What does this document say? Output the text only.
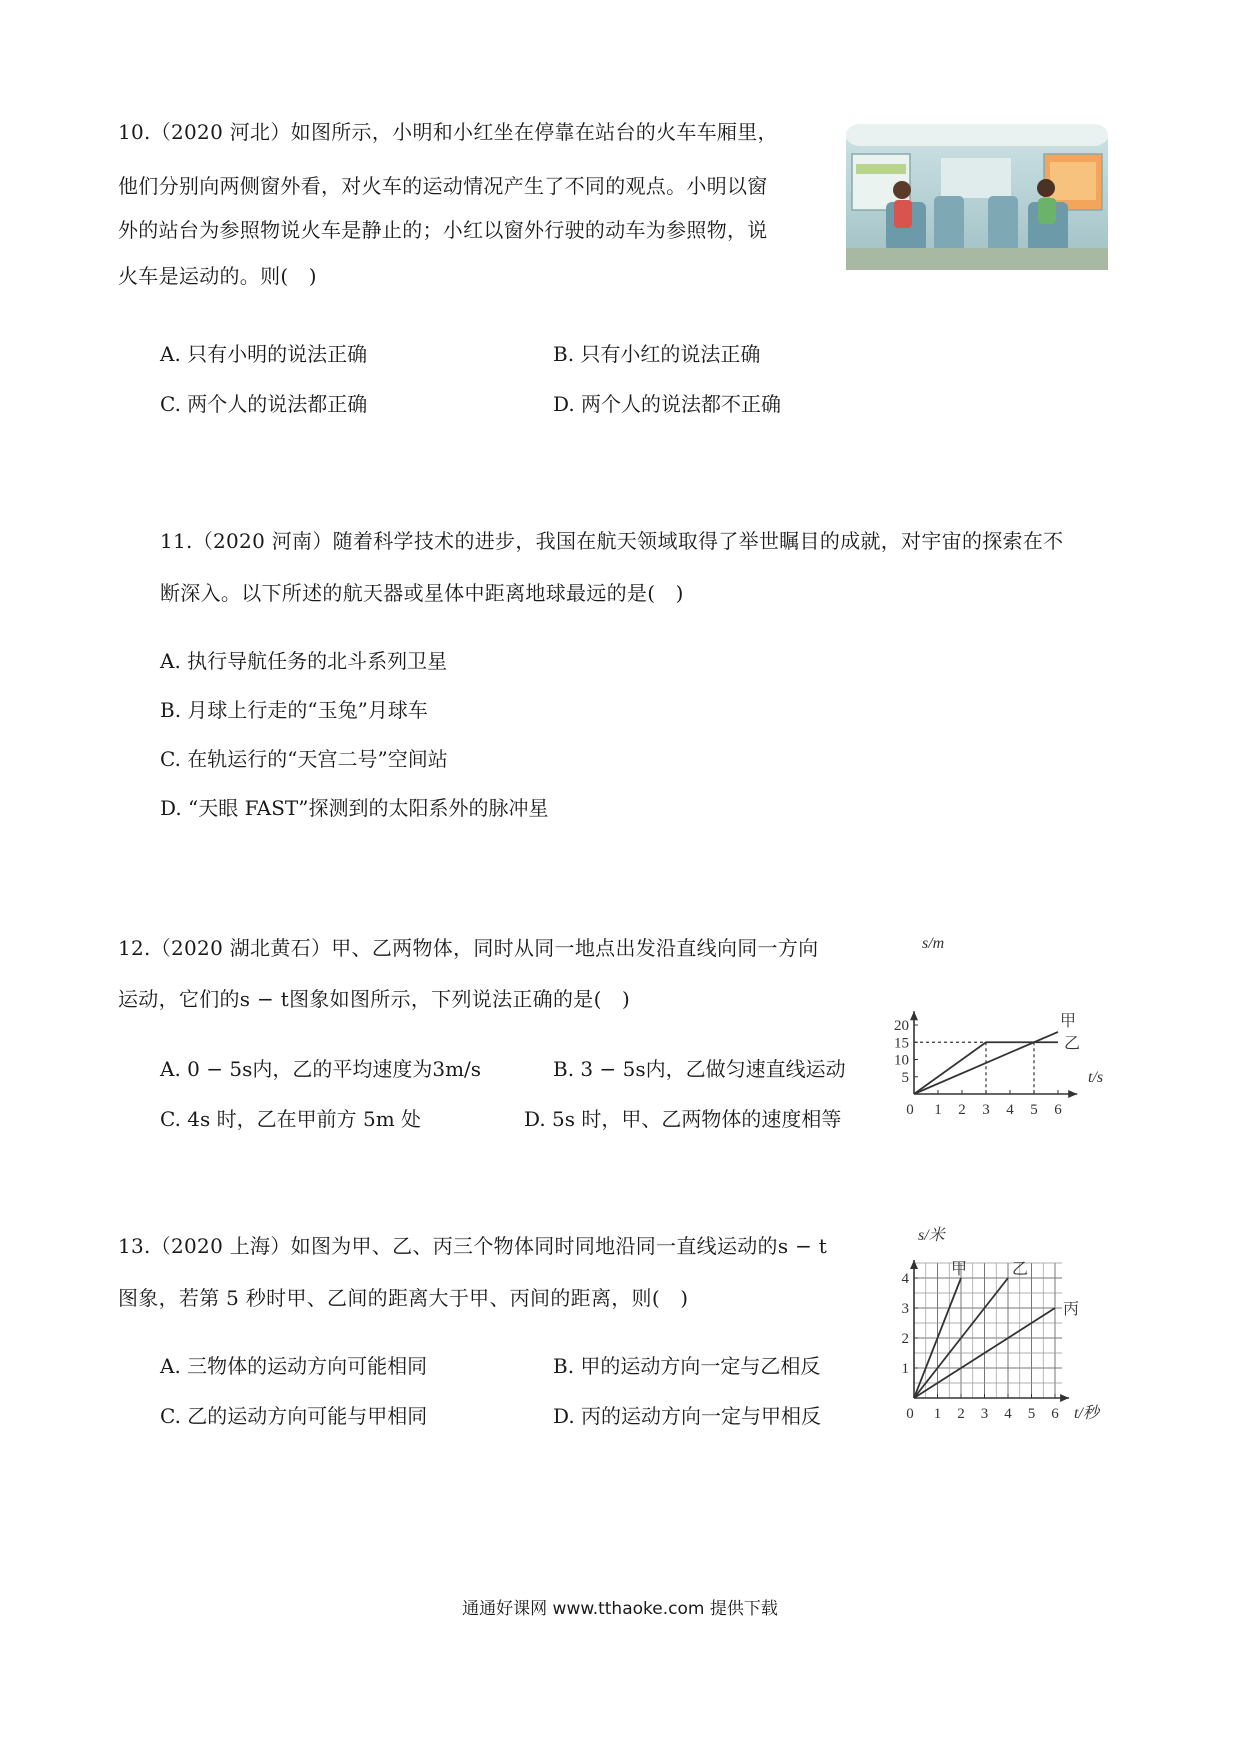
10.（2020 河北）如图所示，小明和小红坐在停靠在站台的火车车厢里，
他们分别向两侧窗外看，对火车的运动情况产生了不同的观点。小明以窗
外的站台为参照物说火车是静止的；小红以窗外行驶的动车为参照物，说
火车是运动的。则(　)
A. 只有小明的说法正确	B. 只有小红的说法正确
C. 两个人的说法都正确	D. 两个人的说法都不正确
11.（2020 河南）随着科学技术的进步，我国在航天领域取得了举世瞩目的成就，对宇宙的探索在不
断深入。以下所述的航天器或星体中距离地球最远的是(　)
A. 执行导航任务的北斗系列卫星
B. 月球上行走的“玉兔”月球车
C. 在轨运行的“天宫二号”空间站
D. “天眼 FAST”探测到的太阳系外的脉冲星
12.（2020 湖北黄石）甲、乙两物体，同时从同一地点出发沿直线向同一方向
运动，它们的s − t图象如图所示，下列说法正确的是(　)
A. 0 − 5s内，乙的平均速度为3m/s	B. 3 − 5s内，乙做匀速直线运动
C. 4s 时，乙在甲前方 5m 处	D. 5s 时，甲、乙两物体的速度相等	0 1 2 3 4 5 6
5
10
15
20
t/s
s/m
甲
乙
13.（2020 上海）如图为甲、乙、丙三个物体同时同地沿同一直线运动的s − t
图象，若第 5 秒时甲、乙间的距离大于甲、丙间的距离，则(　)
A. 三物体的运动方向可能相同	B. 甲的运动方向一定与乙相反
C. 乙的运动方向可能与甲相同	D. 丙的运动方向一定与甲相反	0 1 2 3 4 5 6
1
2
3
4
t/秒
s/米
甲	乙
丙
通通好课网 www.tthaoke.com 提供下载
